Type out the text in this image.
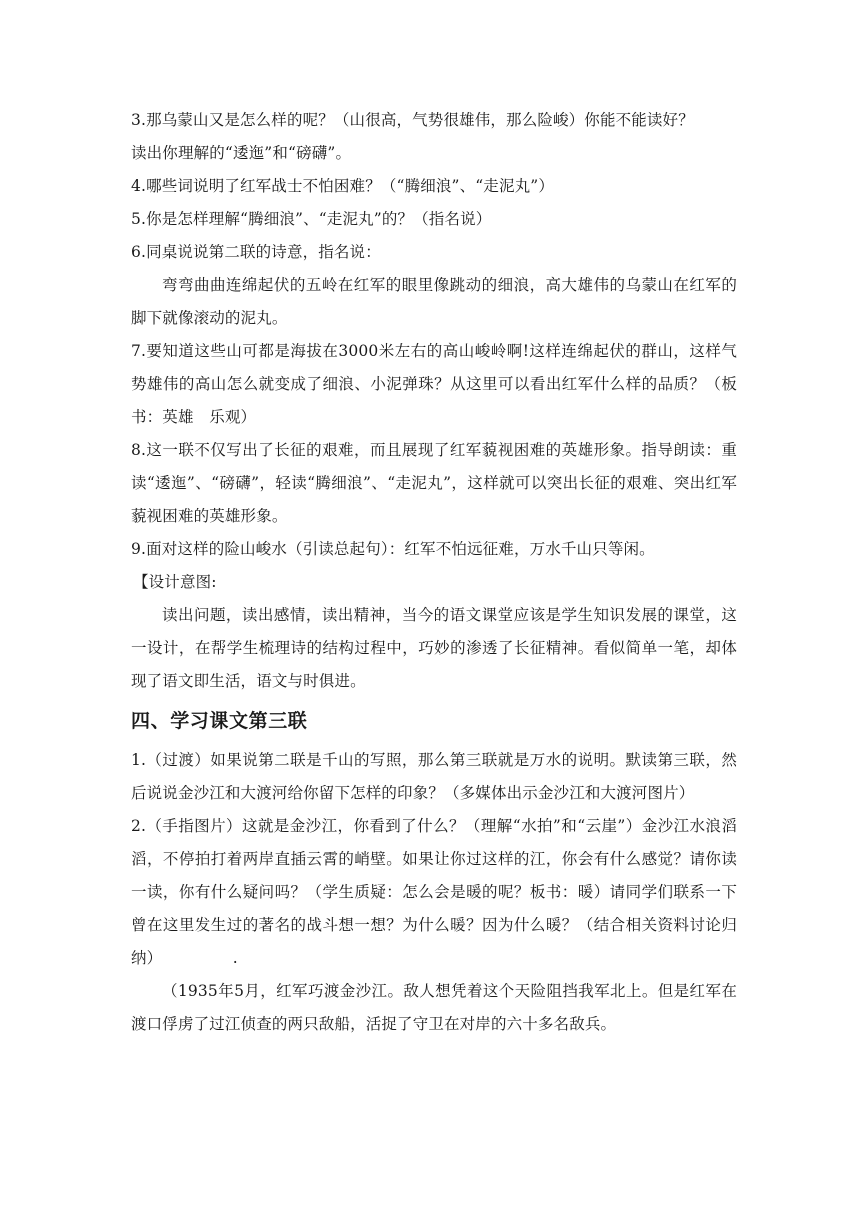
3.那乌蒙山又是怎么样的呢？（山很高，气势很雄伟，那么险峻）你能不能读好？

读出你理解的“逶迤”和“磅礴”。

4.哪些词说明了红军战士不怕困难？（“腾细浪”、“走泥丸”）

5.你是怎样理解“腾细浪”、“走泥丸”的？（指名说）

6.同桌说说第二联的诗意，指名说：

弯弯曲曲连绵起伏的五岭在红军的眼里像跳动的细浪，高大雄伟的乌蒙山在红军的脚下就像滚动的泥丸。

7.要知道这些山可都是海拔在3000米左右的高山峻岭啊!这样连绵起伏的群山，这样气势雄伟的高山怎么就变成了细浪、小泥弹珠？从这里可以看出红军什么样的品质？（板书：英雄　乐观）

8.这一联不仅写出了长征的艰难，而且展现了红军藐视困难的英雄形象。指导朗读：重读“逶迤”、“磅礴”，轻读“腾细浪”、“走泥丸”，这样就可以突出长征的艰难、突出红军藐视困难的英雄形象。

9.面对这样的险山峻水（引读总起句）：红军不怕远征难，万水千山只等闲。

【设计意图:

读出问题，读出感情，读出精神，当今的语文课堂应该是学生知识发展的课堂，这一设计，在帮学生梳理诗的结构过程中，巧妙的渗透了长征精神。看似简单一笔，却体现了语文即生活，语文与时俱进。

四、学习课文第三联

1.（过渡）如果说第二联是千山的写照，那么第三联就是万水的说明。默读第三联，然后说说金沙江和大渡河给你留下怎样的印象？（多媒体出示金沙江和大渡河图片）

2.（手指图片）这就是金沙江，你看到了什么？（理解“水拍”和“云崖”）金沙江水浪滔滔，不停拍打着两岸直插云霄的峭壁。如果让你过这样的江，你会有什么感觉？请你读一读，你有什么疑问吗？（学生质疑：怎么会是暖的呢？板书：暖）请同学们联系一下曾在这里发生过的著名的战斗想一想？为什么暖？因为什么暖？（结合相关资料讨论归纳）　　　　　.

（1935年5月，红军巧渡金沙江。敌人想凭着这个天险阻挡我军北上。但是红军在渡口俘虏了过江侦查的两只敌船，活捉了守卫在对岸的六十多名敌兵。
